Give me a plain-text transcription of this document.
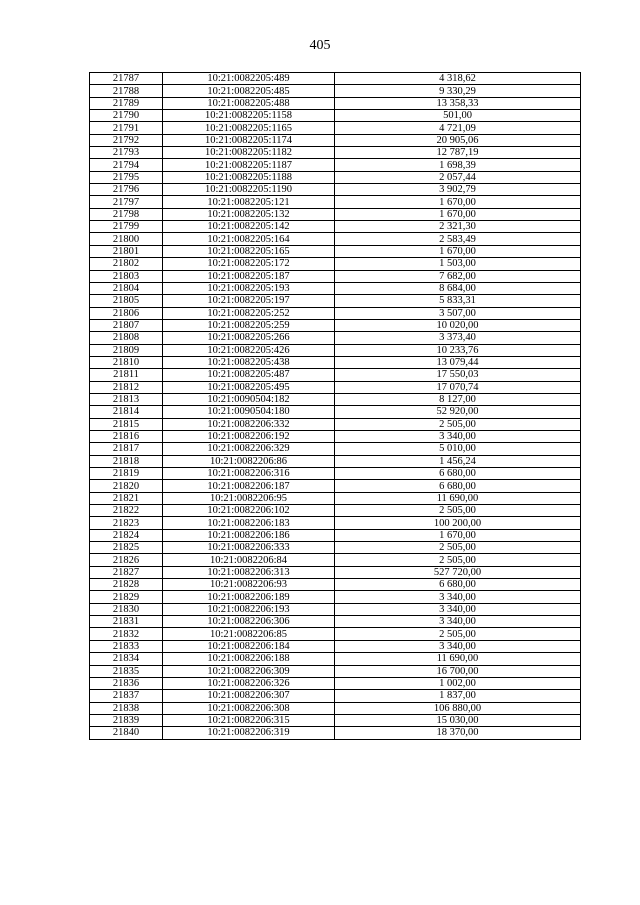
405
21787	10:21:0082205:489	4 318,62
21788	10:21:0082205:485	9 330,29
21789	10:21:0082205:488	13 358,33
21790	10:21:0082205:1158	501,00
21791	10:21:0082205:1165	4 721,09
21792	10:21:0082205:1174	20 905,06
21793	10:21:0082205:1182	12 787,19
21794	10:21:0082205:1187	1 698,39
21795	10:21:0082205:1188	2 057,44
21796	10:21:0082205:1190	3 902,79
21797	10:21:0082205:121	1 670,00
21798	10:21:0082205:132	1 670,00
21799	10:21:0082205:142	2 321,30
21800	10:21:0082205:164	2 583,49
21801	10:21:0082205:165	1 670,00
21802	10:21:0082205:172	1 503,00
21803	10:21:0082205:187	7 682,00
21804	10:21:0082205:193	8 684,00
21805	10:21:0082205:197	5 833,31
21806	10:21:0082205:252	3 507,00
21807	10:21:0082205:259	10 020,00
21808	10:21:0082205:266	3 373,40
21809	10:21:0082205:426	10 233,76
21810	10:21:0082205:438	13 079,44
21811	10:21:0082205:487	17 550,03
21812	10:21:0082205:495	17 070,74
21813	10:21:0090504:182	8 127,00
21814	10:21:0090504:180	52 920,00
21815	10:21:0082206:332	2 505,00
21816	10:21:0082206:192	3 340,00
21817	10:21:0082206:329	5 010,00
21818	10:21:0082206:86	1 456,24
21819	10:21:0082206:316	6 680,00
21820	10:21:0082206:187	6 680,00
21821	10:21:0082206:95	11 690,00
21822	10:21:0082206:102	2 505,00
21823	10:21:0082206:183	100 200,00
21824	10:21:0082206:186	1 670,00
21825	10:21:0082206:333	2 505,00
21826	10:21:0082206:84	2 505,00
21827	10:21:0082206:313	527 720,00
21828	10:21:0082206:93	6 680,00
21829	10:21:0082206:189	3 340,00
21830	10:21:0082206:193	3 340,00
21831	10:21:0082206:306	3 340,00
21832	10:21:0082206:85	2 505,00
21833	10:21:0082206:184	3 340,00
21834	10:21:0082206:188	11 690,00
21835	10:21:0082206:309	16 700,00
21836	10:21:0082206:326	1 002,00
21837	10:21:0082206:307	1 837,00
21838	10:21:0082206:308	106 880,00
21839	10:21:0082206:315	15 030,00
21840	10:21:0082206:319	18 370,00
